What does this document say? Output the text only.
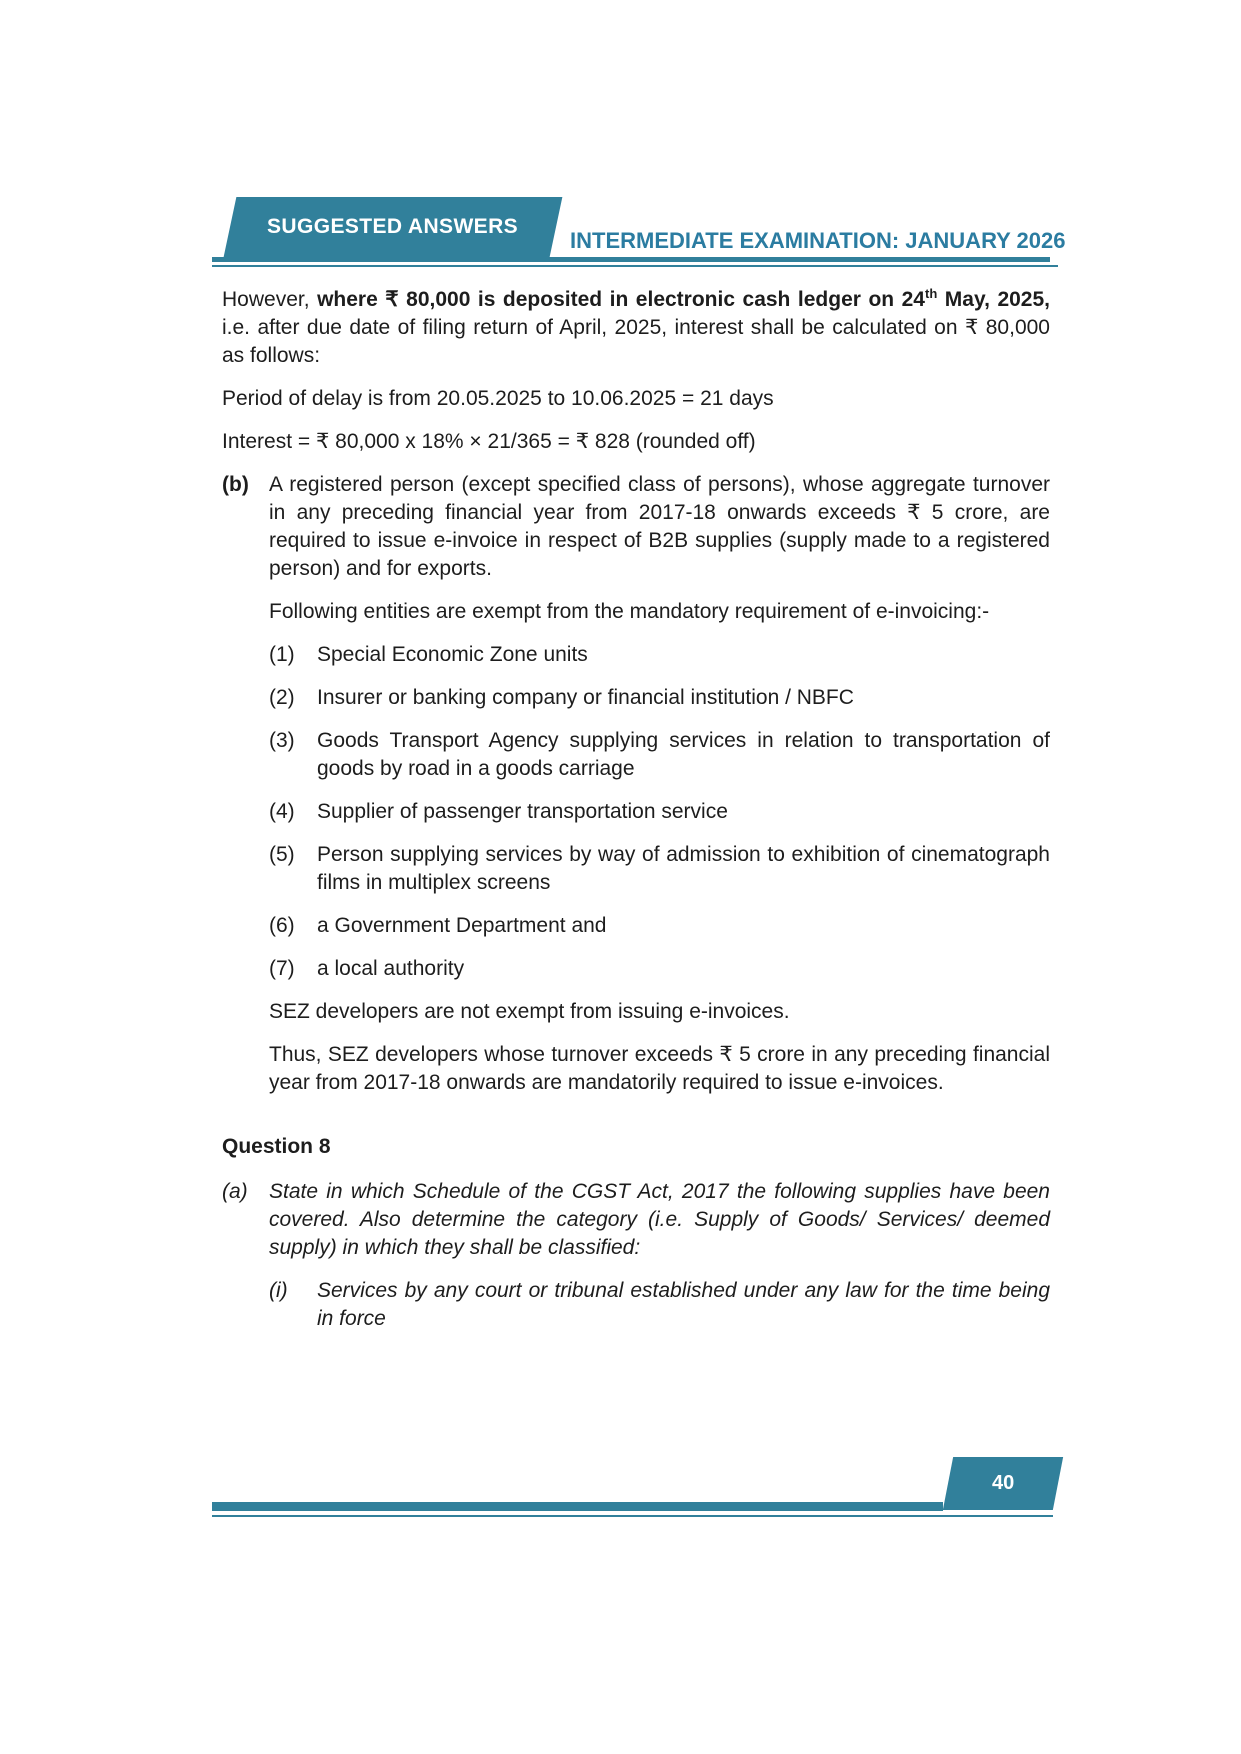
SUGGESTED ANSWERS
INTERMEDIATE EXAMINATION: JANUARY 2026

However, where ₹ 80,000 is deposited in electronic cash ledger on 24th May, 2025, i.e. after due date of filing return of April, 2025, interest shall be calculated on ₹ 80,000 as follows:

Period of delay is from 20.05.2025 to 10.06.2025 = 21 days

Interest = ₹ 80,000 x 18% × 21/365 = ₹ 828 (rounded off)

(b) A registered person (except specified class of persons), whose aggregate turnover in any preceding financial year from 2017-18 onwards exceeds ₹ 5 crore, are required to issue e-invoice in respect of B2B supplies (supply made to a registered person) and for exports.

Following entities are exempt from the mandatory requirement of e-invoicing:-

(1)	Special Economic Zone units

(2)	Insurer or banking company or financial institution / NBFC

(3)	Goods Transport Agency supplying services in relation to transportation of goods by road in a goods carriage

(4)	Supplier of passenger transportation service

(5)	Person supplying services by way of admission to exhibition of cinematograph films in multiplex screens

(6)	a Government Department and

(7)	a local authority

SEZ developers are not exempt from issuing e-invoices.

Thus, SEZ developers whose turnover exceeds ₹ 5 crore in any preceding financial year from 2017-18 onwards are mandatorily required to issue e-invoices.

Question 8
(a)	State in which Schedule of the CGST Act, 2017 the following supplies have been covered. Also determine the category (i.e. Supply of Goods/ Services/ deemed supply) in which they shall be classified:

(i)	Services by any court or tribunal established under any law for the time being in force

40
